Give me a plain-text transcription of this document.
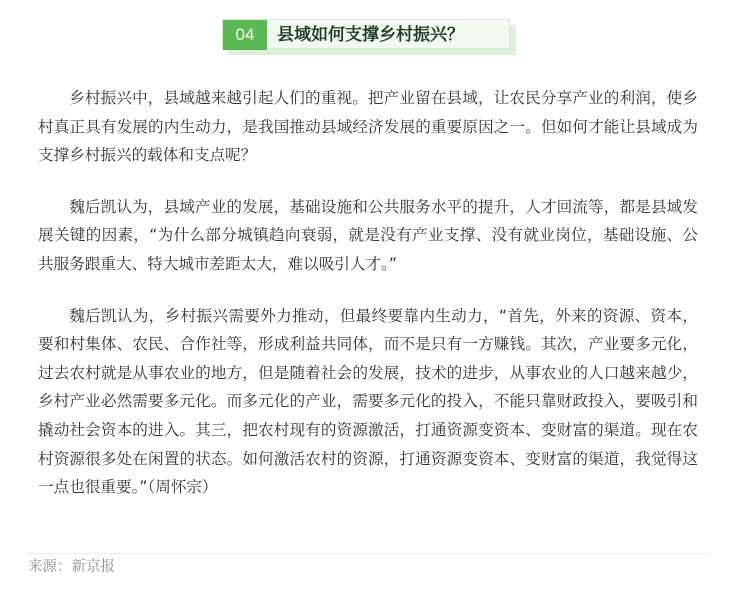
04	县域如何支撑乡村振兴？

乡村振兴中，县域越来越引起人们的重视。把产业留在县域，让农民分享产业的利润，使乡村真正具有发展的内生动力，是我国推动县域经济发展的重要原因之一。但如何才能让县域成为支撑乡村振兴的载体和支点呢？

魏后凯认为，县域产业的发展，基础设施和公共服务水平的提升，人才回流等，都是县域发展关键的因素，“为什么部分城镇趋向衰弱，就是没有产业支撑、没有就业岗位，基础设施、公共服务跟重大、特大城市差距太大，难以吸引人才。”

魏后凯认为，乡村振兴需要外力推动，但最终要靠内生动力，“首先，外来的资源、资本，要和村集体、农民、合作社等，形成利益共同体，而不是只有一方赚钱。其次，产业要多元化，过去农村就是从事农业的地方，但是随着社会的发展，技术的进步，从事农业的人口越来越少，乡村产业必然需要多元化。而多元化的产业，需要多元化的投入，不能只靠财政投入，要吸引和撬动社会资本的进入。其三，把农村现有的资源激活，打通资源变资本、变财富的渠道。现在农村资源很多处在闲置的状态。如何激活农村的资源，打通资源变资本、变财富的渠道，我觉得这一点也很重要。”（周怀宗）

来源：新京报
